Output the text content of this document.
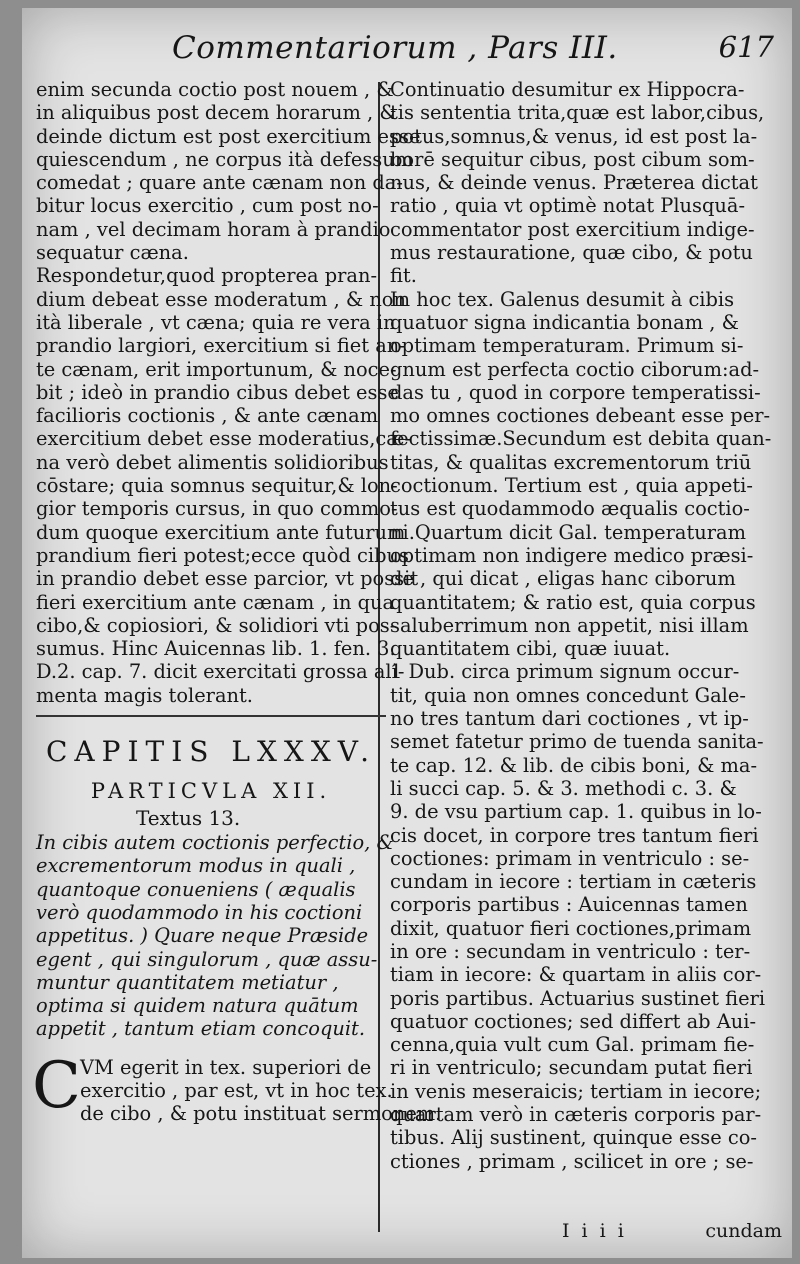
Commentariorum , Pars III.	617
enim secunda coctio post nouem , &
in aliquibus post decem horarum , &
deinde dictum est post exercitium esse
quiescendum , ne corpus ità defessum
comedat ; quare ante cænam non da-
bitur locus exercitio , cum post no-
nam , vel decimam horam à prandio
sequatur cæna.
Respondetur,quod propterea pran-
dium debeat esse moderatum , & non
ità liberale , vt cæna; quia re vera in
prandio largiori, exercitium si fiet an-
te cænam, erit importunum, & noce-
bit ; ideò in prandio cibus debet esse
facilioris coctionis , & ante cænam
exercitium debet esse moderatius,cæ-
na verò debet alimentis solidioribus
cōstare; quia somnus sequitur,& lon-
gior temporis cursus, in quo commo-
dum quoque exercitium ante futurum
prandium fieri potest;ecce quòd cibus
in prandio debet esse parcior, vt possit
fieri exercitium ante cænam , in qua
cibo,& copiosiori, & solidiori vti pos-
sumus. Hinc Auicennas lib. 1. fen. 3.
D.2. cap. 7. dicit exercitati grossa ali-
menta magis tolerant.
CAPITIS LXXXV.
PARTICVLA XII.
Textus 13.
In cibis autem coctionis perfectio, &
excrementorum modus in quali ,
quantoque conueniens ( æqualis
verò quodammodo in his coctioni
appetitus. ) Quare neque Præside
egent , qui singulorum , quæ assu-
muntur quantitatem metiatur ,
optima si quidem natura quātum
appetit , tantum etiam concoquit.
C VM egerit in tex. superiori de
exercitio , par est, vt in hoc tex.
de cibo , & potu instituat sermonem.
Continuatio desumitur ex Hippocra-
tis sententia trita,quæ est labor,cibus,
potus,somnus,& venus, id est post la-
borē sequitur cibus, post cibum som-
nus, & deinde venus. Præterea dictat
ratio , quia vt optimè notat Plusquā-
commentator post exercitium indige-
mus restauratione, quæ cibo, & potu
fit.
In hoc tex. Galenus desumit à cibis
quatuor signa indicantia bonam , &
optimam temperaturam. Primum si-
gnum est perfecta coctio ciborum:ad-
das tu , quod in corpore temperatissi-
mo omnes coctiones debeant esse per-
fectissimæ.Secundum est debita quan-
titas, & qualitas excrementorum triū
coctionum. Tertium est , quia appeti-
tus est quodammodo æqualis coctio-
ni.Quartum dicit Gal. temperaturam
optimam non indigere medico præsi-
de , qui dicat , eligas hanc ciborum
quantitatem; & ratio est, quia corpus
saluberrimum non appetit, nisi illam
quantitatem cibi, quæ iuuat.
1 Dub. circa primum signum occur-
tit, quia non omnes concedunt Gale-
no tres tantum dari coctiones , vt ip-
semet fatetur primo de tuenda sanita-
te cap. 12. & lib. de cibis boni, & ma-
li succi cap. 5. & 3. methodi c. 3. &
9. de vsu partium cap. 1. quibus in lo-
cis docet, in corpore tres tantum fieri
coctiones: primam in ventriculo : se-
cundam in iecore : tertiam in cæteris
corporis partibus : Auicennas tamen
dixit, quatuor fieri coctiones,primam
in ore : secundam in ventriculo : ter-
tiam in iecore: & quartam in aliis cor-
poris partibus. Actuarius sustinet fieri
quatuor coctiones; sed differt ab Aui-
cenna,quia vult cum Gal. primam fie-
ri in ventriculo; secundam putat fieri
in venis meseraicis; tertiam in iecore;
quartam verò in cæteris corporis par-
tibus. Alij sustinent, quinque esse co-
ctiones , primam , scilicet in ore ; se-
I i i i	cundam
